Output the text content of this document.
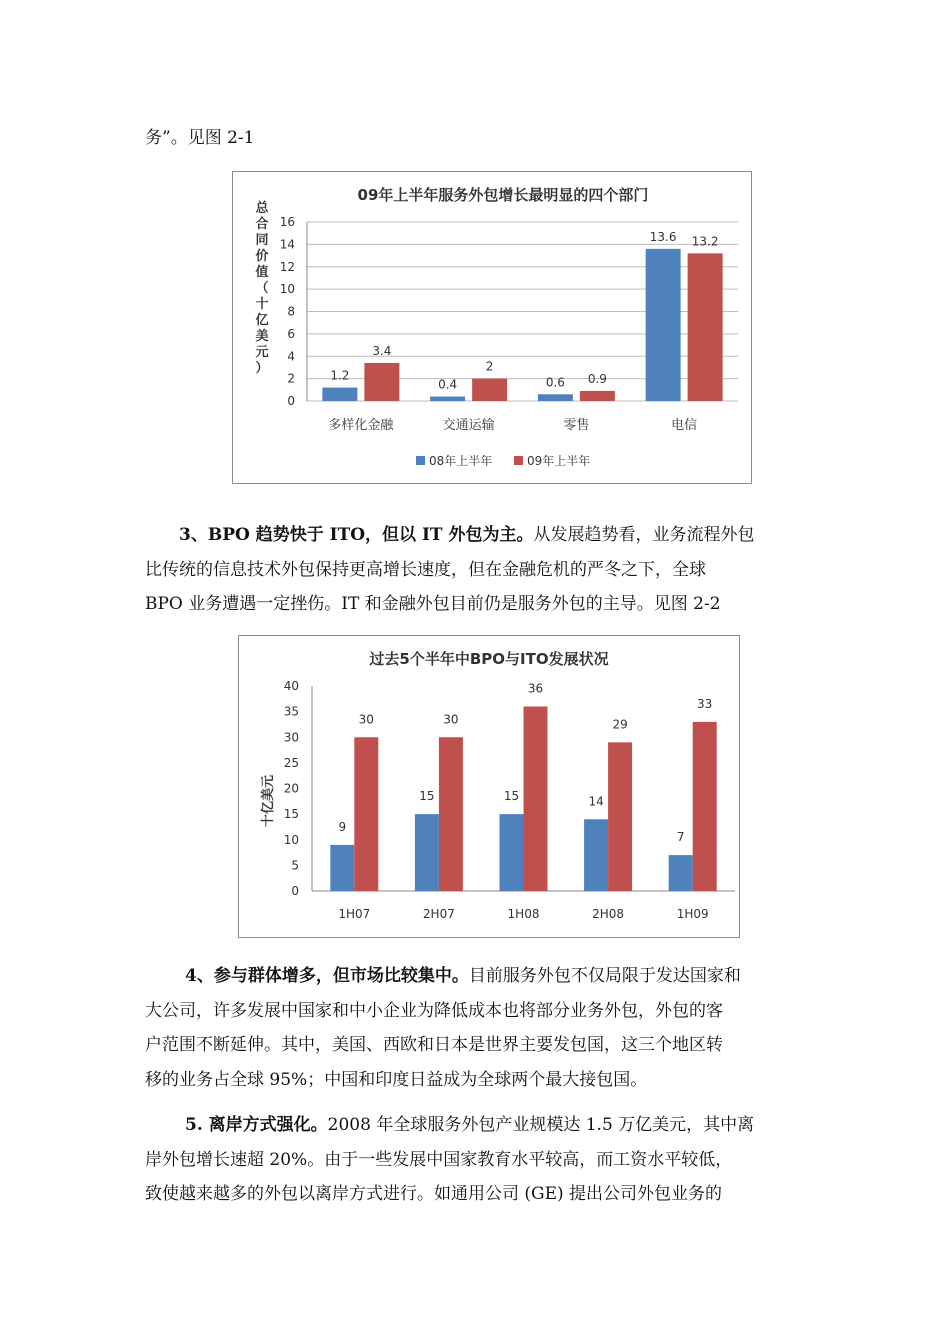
务”。见图 2-1
09年上半年服务外包增长最明显的四个部门
总合同价值（十亿美元）
0
2
4
6
8
10
12
14
16
1.2
3.4
0.4
2
0.6 0.9
13.6 13.2
多样化金融	交通运输	零售	电信
08年上半年	09年上半年
3、BPO 趋势快于 ITO，但以 IT 外包为主。从发展趋势看，业务流程外包
比传统的信息技术外包保持更高增长速度，但在金融危机的严冬之下，全球
BPO 业务遭遇一定挫伤。IT 和金融外包目前仍是服务外包的主导。见图 2-2
过去5个半年中BPO与ITO发展状况
十亿美元
0
5
10
15
20
25
30
35
40
9
30
15
30
15
36
14
29
7
33
1H07	2H07	1H08	2H08	1H09
4、参与群体增多，但市场比较集中。目前服务外包不仅局限于发达国家和
大公司，许多发展中国家和中小企业为降低成本也将部分业务外包，外包的客
户范围不断延伸。其中，美国、西欧和日本是世界主要发包国，这三个地区转
移的业务占全球 95%；中国和印度日益成为全球两个最大接包国。
5. 离岸方式强化。2008 年全球服务外包产业规模达 1.5 万亿美元，其中离
岸外包增长速超 20%。由于一些发展中国家教育水平较高，而工资水平较低，
致使越来越多的外包以离岸方式进行。如通用公司 (GE) 提出公司外包业务的
